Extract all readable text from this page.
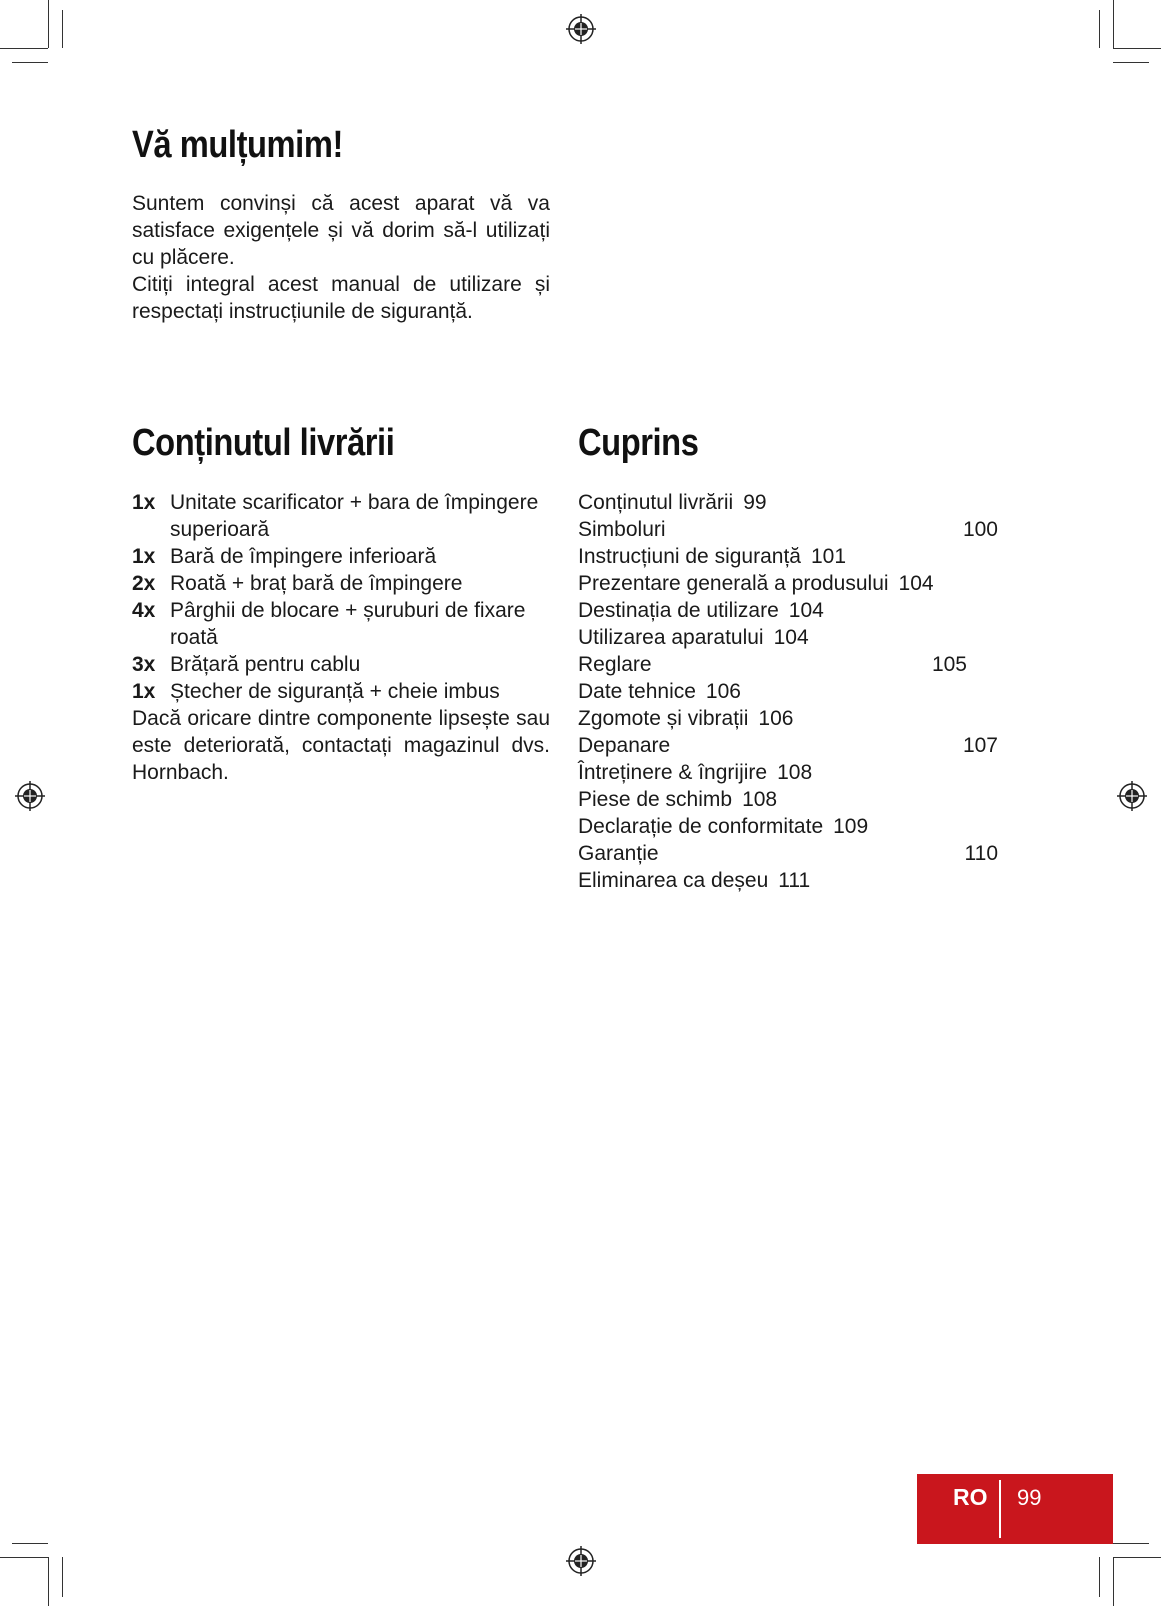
Vă mulțumim!

Suntem convinși că acest aparat vă va satisface exigențele și vă dorim să-l utilizați cu plăcere.

Citiți integral acest manual de utilizare și respectați instrucțiunile de siguranță.

Conținutul livrării
1x Unitate scarificator + bara de împingere superioară
1x Bară de împingere inferioară
2x Roată + braț bară de împingere
4x Pârghii de blocare + șuruburi de fixare roată
3x Brățară pentru cablu
1x Ștecher de siguranță + cheie imbus

Dacă oricare dintre componente lipsește sau este deteriorată, contactați magazinul dvs. Hornbach.

Cuprins
Conținutul livrării 99
Simboluri	100
Instrucțiuni de siguranță 101
Prezentare generală a produsului 104
Destinația de utilizare 104
Utilizarea aparatului 104
Reglare	105
Date tehnice 106
Zgomote și vibrații 106
Depanare	107
Întreținere & îngrijire 108
Piese de schimb 108
Declarație de conformitate 109
Garanție	110
Eliminarea ca deșeu 111
RO 99
